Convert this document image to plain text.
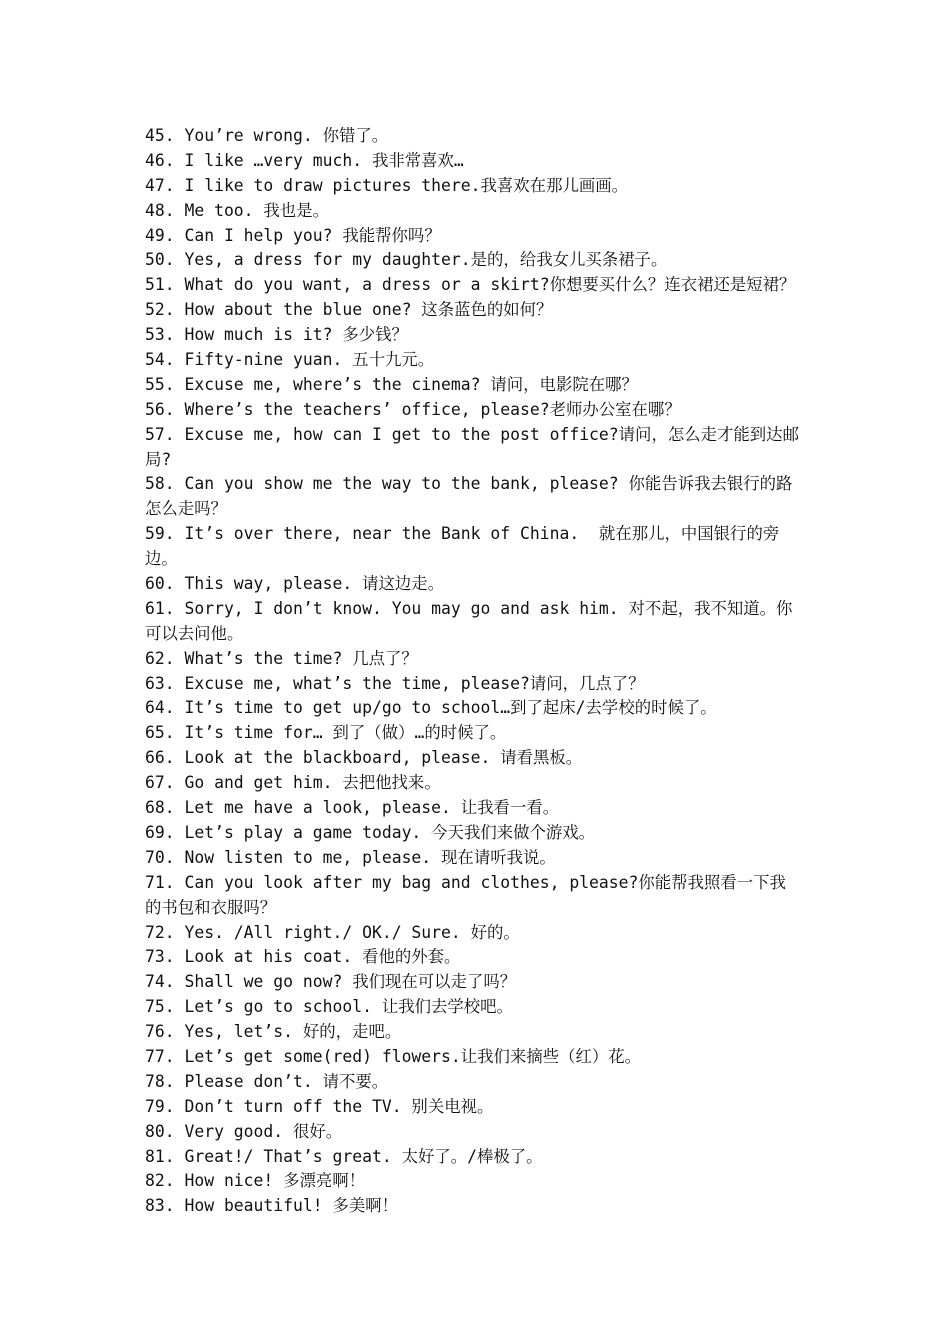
45. You’re wrong. 你错了。
46. I like …very much. 我非常喜欢…
47. I like to draw pictures there.我喜欢在那儿画画。
48. Me too. 我也是。
49. Can I help you? 我能帮你吗？
50. Yes, a dress for my daughter.是的，给我女儿买条裙子。
51. What do you want, a dress or a skirt?你想要买什么？连衣裙还是短裙？
52. How about the blue one? 这条蓝色的如何？
53. How much is it? 多少钱？
54. Fifty-nine yuan. 五十九元。
55. Excuse me, where’s the cinema? 请问，电影院在哪？
56. Where’s the teachers’ office, please?老师办公室在哪？
57. Excuse me, how can I get to the post office?请问，怎么走才能到达邮
局?
58. Can you show me the way to the bank, please? 你能告诉我去银行的路
怎么走吗？
59. It’s over there, near the Bank of China.  就在那儿，中国银行的旁
边。
60. This way, please. 请这边走。
61. Sorry, I don’t know. You may go and ask him. 对不起，我不知道。你
可以去问他。
62. What’s the time? 几点了？
63. Excuse me, what’s the time, please?请问，几点了？
64. It’s time to get up/go to school…到了起床/去学校的时候了。
65. It’s time for… 到了（做）…的时候了。
66. Look at the blackboard, please. 请看黑板。
67. Go and get him. 去把他找来。
68. Let me have a look, please. 让我看一看。
69. Let’s play a game today. 今天我们来做个游戏。
70. Now listen to me, please. 现在请听我说。
71. Can you look after my bag and clothes, please?你能帮我照看一下我
的书包和衣服吗？
72. Yes. /All right./ OK./ Sure. 好的。
73. Look at his coat. 看他的外套。
74. Shall we go now? 我们现在可以走了吗？
75. Let’s go to school. 让我们去学校吧。
76. Yes, let’s. 好的，走吧。
77. Let’s get some(red) flowers.让我们来摘些（红）花。
78. Please don’t. 请不要。
79. Don’t turn off the TV. 别关电视。
80. Very good. 很好。
81. Great!/ That’s great. 太好了。/棒极了。
82. How nice! 多漂亮啊！
83. How beautiful! 多美啊！
